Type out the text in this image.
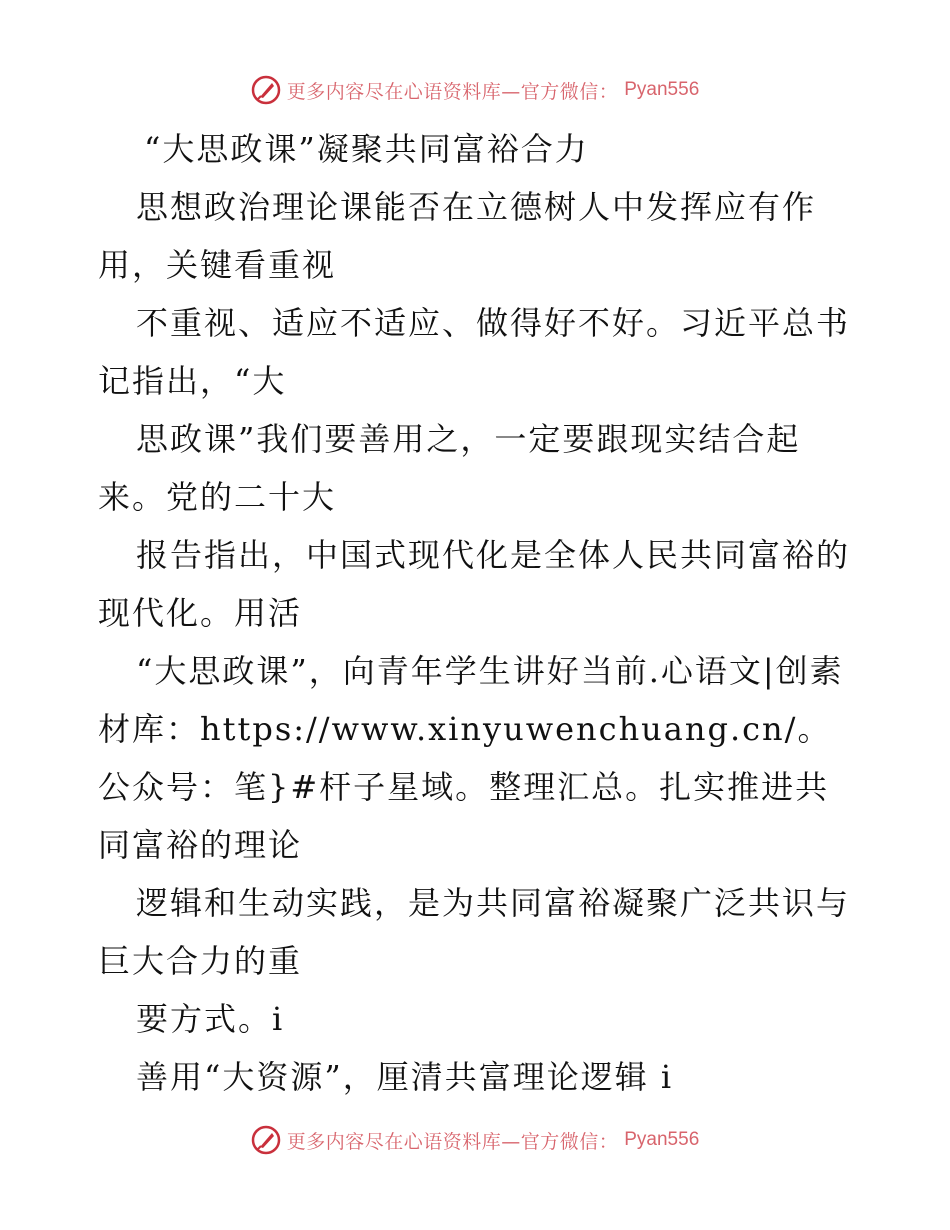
更多内容尽在心语资料库—官方微信： Pyan556

“大思政课”凝聚共同富裕合力

思想政治理论课能否在立德树人中发挥应有作用，关键看重视

不重视、适应不适应、做得好不好。习近平总书记指出，“大

思政课”我们要善用之，一定要跟现实结合起来。党的二十大

报告指出，中国式现代化是全体人民共同富裕的现代化。用活

“大思政课”，向青年学生讲好当前.心语文|创素材库：https://www.xinyuwenchuang.cn/。公众号：笔}#杆子星域。整理汇总。扎实推进共同富裕的理论

逻辑和生动实践，是为共同富裕凝聚广泛共识与巨大合力的重

要方式。i

善用“大资源”，厘清共富理论逻辑 i

更多内容尽在心语资料库—官方微信： Pyan556
